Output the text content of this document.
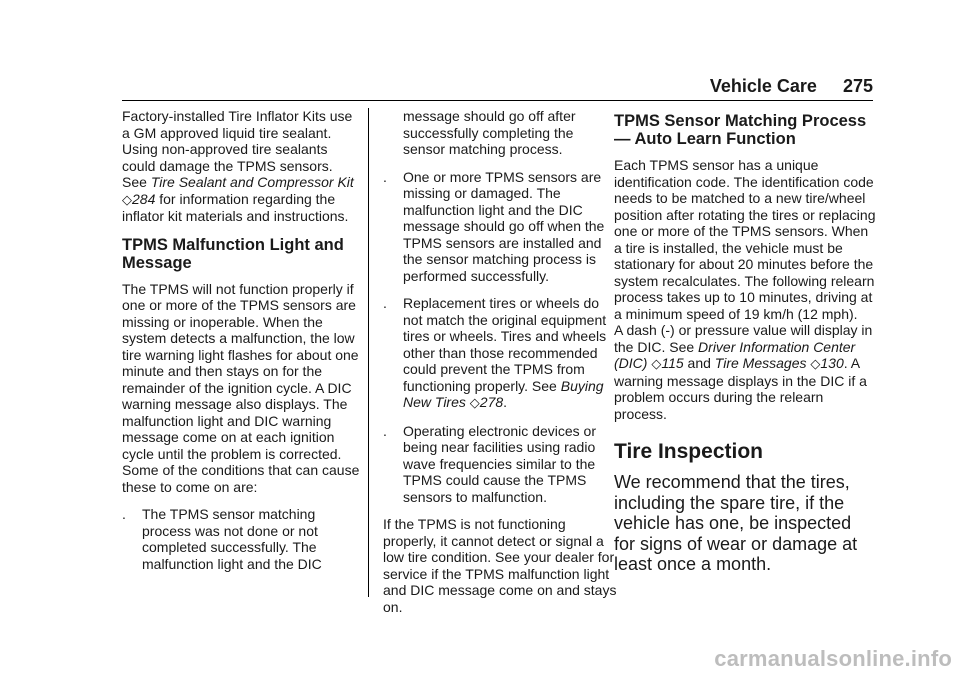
Vehicle Care 275

Factory-installed Tire Inflator Kits use a GM approved liquid tire sealant. Using non-approved tire sealants could damage the TPMS sensors. See Tire Sealant and Compressor Kit ◇284 for information regarding the inflator kit materials and instructions.

TPMS Malfunction Light and Message

The TPMS will not function properly if one or more of the TPMS sensors are missing or inoperable. When the system detects a malfunction, the low tire warning light flashes for about one minute and then stays on for the remainder of the ignition cycle. A DIC warning message also displays. The malfunction light and DIC warning message come on at each ignition cycle until the problem is corrected. Some of the conditions that can cause these to come on are:

. The TPMS sensor matching process was not done or not completed successfully. The malfunction light and the DIC

message should go off after successfully completing the sensor matching process.

. One or more TPMS sensors are missing or damaged. The malfunction light and the DIC message should go off when the TPMS sensors are installed and the sensor matching process is performed successfully.
. Replacement tires or wheels do not match the original equipment tires or wheels. Tires and wheels other than those recommended could prevent the TPMS from functioning properly. See Buying New Tires ◇278.
. Operating electronic devices or being near facilities using radio wave frequencies similar to the TPMS could cause the TPMS sensors to malfunction.

If the TPMS is not functioning properly, it cannot detect or signal a low tire condition. See your dealer for service if the TPMS malfunction light and DIC message come on and stays on.

TPMS Sensor Matching Process — Auto Learn Function

Each TPMS sensor has a unique identification code. The identification code needs to be matched to a new tire/wheel position after rotating the tires or replacing one or more of the TPMS sensors. When a tire is installed, the vehicle must be stationary for about 20 minutes before the system recalculates. The following relearn process takes up to 10 minutes, driving at a minimum speed of 19 km/h (12 mph).

A dash (-) or pressure value will display in the DIC. See Driver Information Center (DIC) ◇115 and Tire Messages ◇130. A warning message displays in the DIC if a problem occurs during the relearn process.

Tire Inspection

We recommend that the tires, including the spare tire, if the vehicle has one, be inspected for signs of wear or damage at least once a month.

carmanualsonline.info
